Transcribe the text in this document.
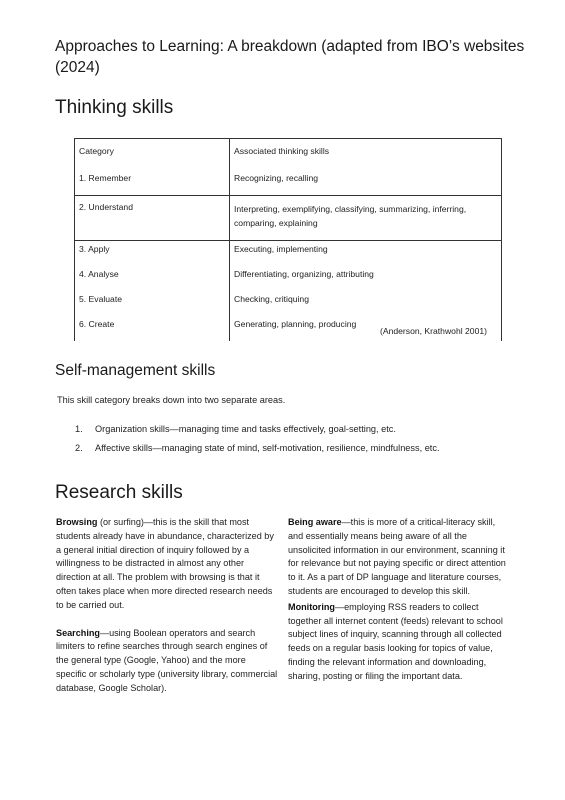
Approaches to Learning: A breakdown (adapted from IBO’s websites (2024)
Thinking skills
Category	Associated thinking skills
1. Remember	Recognizing, recalling
2. Understand	Interpreting, exemplifying, classifying, summarizing, inferring, comparing, explaining
3. Apply	Executing, implementing
4. Analyse	Differentiating, organizing, attributing
5. Evaluate	Checking, critiquing
6. Create	Generating, planning, producing
(Anderson, Krathwohl 2001)
Self-management skills
This skill category breaks down into two separate areas.
1. Organization skills—managing time and tasks effectively, goal-setting, etc.
2. Affective skills—managing state of mind, self-motivation, resilience, mindfulness, etc.
Research skills

Browsing (or surfing)—this is the skill that most students already have in abundance, characterized by a general initial direction of inquiry followed by a willingness to be distracted in almost any other direction at all. The problem with browsing is that it often takes place when more directed research needs to be carried out.

Searching—using Boolean operators and search limiters to refine searches through search engines of the general type (Google, Yahoo) and the more specific or scholarly type (university library, commercial database, Google Scholar).

Being aware—this is more of a critical-literacy skill, and essentially means being aware of all the unsolicited information in our environment, scanning it for relevance but not paying specific or direct attention to it. As a part of DP language and literature courses, students are encouraged to develop this skill.

Monitoring—employing RSS readers to collect together all internet content (feeds) relevant to school subject lines of inquiry, scanning through all collected feeds on a regular basis looking for topics of value, finding the relevant information and downloading, sharing, posting or filing the important data.
